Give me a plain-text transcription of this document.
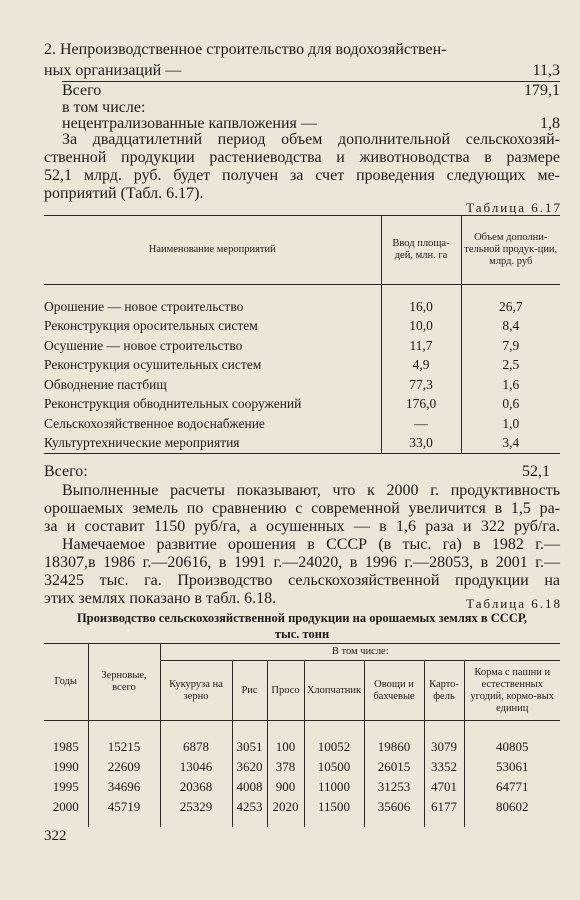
2. Непроизводственное строительство для водохозяйствен-
ных организаций —	11,3
Всего	179,1
в том числе:
нецентрализованные капвложения —	1,8
За двадцатилетний период объем дополнительной сельскохозяй-
ственной продукции растениеводства и животноводства в размере
52,1 млрд. руб. будет получен за счет проведения следующих ме-
роприятий (Табл. 6.17).
Таблица 6.17
Наименование мероприятий	Ввод площа-дей, млн. га	Объем дополни-тельной продук-ции, млрд. руб
Орошение — новое строительство	16,0	26,7
Реконструкция оросительных систем	10,0	8,4
Осушение — новое строительство	11,7	7,9
Реконструкция осушительных систем	4,9	2,5
Обводнение пастбищ	77,3	1,6
Реконструкция обводнительных сооружений	176,0	0,6
Сельскохозяйственное водоснабжение	—	1,0
Культуртехнические мероприятия	33,0	3,4
Всего:	52,1
Выполненные расчеты показывают, что к 2000 г. продуктивность
орошаемых земель по сравнению с современной увеличится в 1,5 ра-
за и составит 1150 руб/га, а осушенных — в 1,6 раза и 322 руб/га.
Намечаемое развитие орошения в СССР (в тыс. га) в 1982 г.—
18307,в 1986 г.—20616, в 1991 г.—24020, в 1996 г.—28053, в 2001 г.—
32425 тыс. га. Производство сельскохозяйственной продукции на
этих землях показано в табл. 6.18.	Таблица 6.18
Производство сельскохозяйственной продукции на орошаемых землях в СССР,
тыс. тонн
Годы	Зерновые, всего	В том числе:						
		Кукуруза на зерно	Рис	Просо	Хлопчатник	Овощи и бахчевые	Карто-фель	Корма с пашни и естественных угодий, кормо-вых единиц
1985	15215	6878	3051	100	10052	19860	3079	40805
1990	22609	13046	3620	378	10500	26015	3352	53061
1995	34696	20368	4008	900	11000	31253	4701	64771
2000	45719	25329	4253	2020	11500	35606	6177	80602
322
